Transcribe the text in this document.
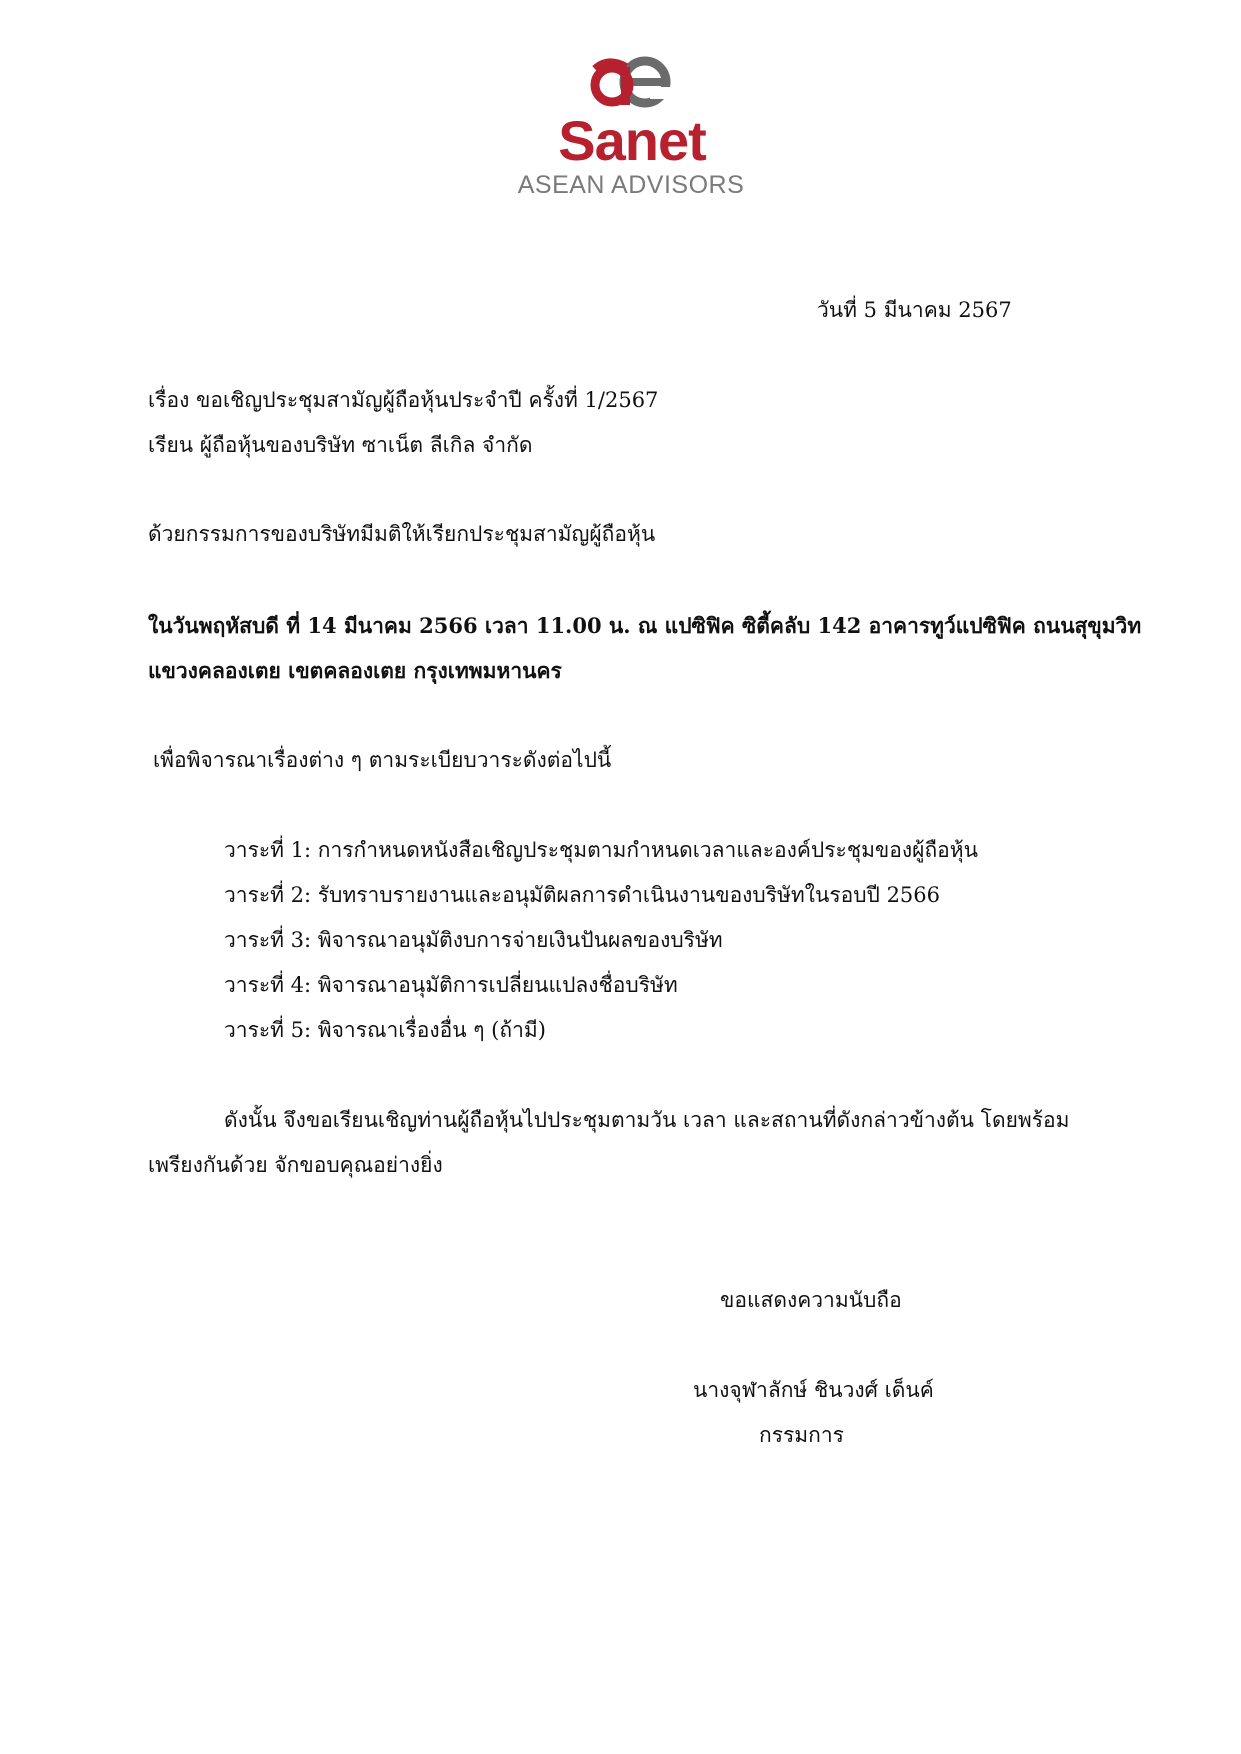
Sanet
ASEAN ADVISORS
วันที่ 5 มีนาคม 2567
เรื่อง ขอเชิญประชุมสามัญผู้ถือหุ้นประจำปี ครั้งที่ 1/2567
เรียน ผู้ถือหุ้นของบริษัท ซาเน็ต ลีเกิล จำกัด
ด้วยกรรมการของบริษัทมีมติให้เรียกประชุมสามัญผู้ถือหุ้น
ในวันพฤหัสบดี ที่ 14 มีนาคม 2566 เวลา 11.00 น. ณ แปซิฟิค ซิตี้คลับ 142 อาคารทูว์แปซิฟิค ถนนสุขุมวิท
แขวงคลองเตย เขตคลองเตย กรุงเทพมหานคร
เพื่อพิจารณาเรื่องต่าง ๆ ตามระเบียบวาระดังต่อไปนี้
วาระที่ 1: การกำหนดหนังสือเชิญประชุมตามกำหนดเวลาและองค์ประชุมของผู้ถือหุ้น
วาระที่ 2: รับทราบรายงานและอนุมัติผลการดำเนินงานของบริษัทในรอบปี 2566
วาระที่ 3: พิจารณาอนุมัติงบการจ่ายเงินปันผลของบริษัท
วาระที่ 4: พิจารณาอนุมัติการเปลี่ยนแปลงชื่อบริษัท
วาระที่ 5: พิจารณาเรื่องอื่น ๆ (ถ้ามี)
ดังนั้น จึงขอเรียนเชิญท่านผู้ถือหุ้นไปประชุมตามวัน เวลา และสถานที่ดังกล่าวข้างต้น โดยพร้อม
เพรียงกันด้วย จักขอบคุณอย่างยิ่ง
ขอแสดงความนับถือ
นางจุฬาลักษ์ ชินวงศ์ เด็นค์
กรรมการ
